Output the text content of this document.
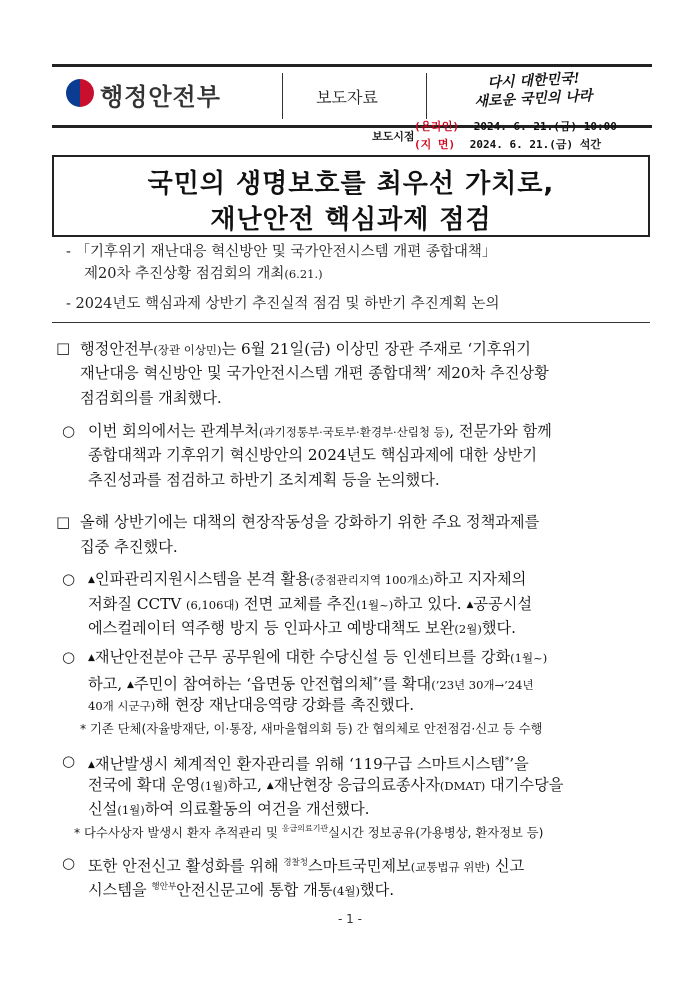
행정안전부	보도자료
다시 대한민국!
새로운 국민의 나라
보도시점
(온라인) 2024. 6. 21.(금) 10:00
(지 면) 2024. 6. 21.(금) 석간
국민의 생명보호를 최우선 가치로,
재난안전 핵심과제 점검
- 「기후위기 재난대응 혁신방안 및 국가안전시스템 개편 종합대책」
제20차 추진상황 점검회의 개최(6.21.)
- 2024년도 핵심과제 상반기 추진실적 점검 및 하반기 추진계획 논의
□ 행정안전부(장관 이상민)는 6월 21일(금) 이상민 장관 주재로 ‘기후위기
재난대응 혁신방안 및 국가안전시스템 개편 종합대책’ 제20차 추진상황
점검회의를 개최했다.
○ 이번 회의에서는 관계부처(과기정통부·국토부·환경부·산림청 등), 전문가와 함께
종합대책과 기후위기 혁신방안의 2024년도 핵심과제에 대한 상반기
추진성과를 점검하고 하반기 조치계획 등을 논의했다.
□ 올해 상반기에는 대책의 현장작동성을 강화하기 위한 주요 정책과제를
집중 추진했다.
○ ▲인파관리지원시스템을 본격 활용(중점관리지역 100개소)하고 지자체의
저화질 CCTV (6,106대) 전면 교체를 추진(1월~)하고 있다. ▲공공시설
에스컬레이터 역주행 방지 등 인파사고 예방대책도 보완(2월)했다.
○ ▲재난안전분야 근무 공무원에 대한 수당신설 등 인센티브를 강화(1월~)
하고, ▲주민이 참여하는 ‘읍면동 안전협의체*’를 확대(’23년 30개→’24년
40개 시군구)해 현장 재난대응역량 강화를 촉진했다.
* 기존 단체(자율방재단, 이·통장, 새마을협의회 등) 간 협의체로 안전점검·신고 등 수행
○ ▲재난발생시 체계적인 환자관리를 위해 ‘119구급 스마트시스템*’을
전국에 확대 운영(1월)하고, ▲재난현장 응급의료종사자(DMAT) 대기수당을
신설(1월)하여 의료활동의 여건을 개선했다.
* 다수사상자 발생시 환자 추적관리 및 $^{응급의료기관}$실시간 정보공유(가용병상, 환자정보 등)
○ 또한 안전신고 활성화를 위해 $^{경찰청}$스마트국민제보(교통법규 위반) 신고
시스템을 $^{행안부}$안전신문고에 통합 개통(4월)했다.
- 1 -
